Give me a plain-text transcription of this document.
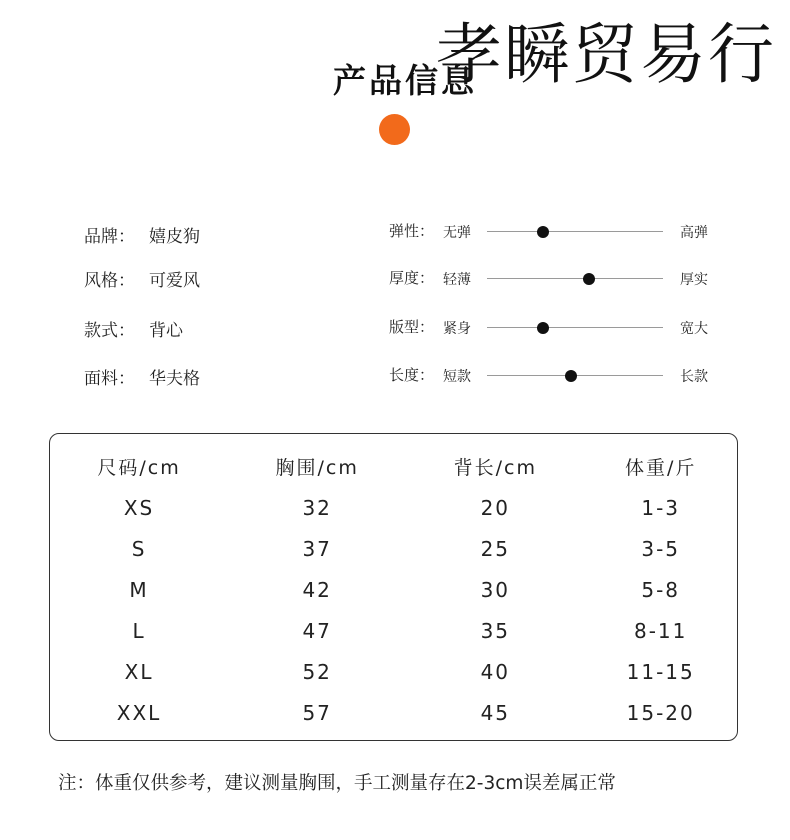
孝瞬贸易行
产品信息
品牌： 嬉皮狗
风格： 可爱风
款式： 背心
面料： 华夫格
弹性： 无弹	高弹
厚度： 轻薄	厚实
版型： 紧身	宽大
长度： 短款	长款
尺码/cm	胸围/cm	背长/cm	体重/斤
XS	32	20	1-3
S	37	25	3-5
M	42	30	5-8
L	47	35	8-11
XL	52	40	11-15
XXL	57	45	15-20
注：体重仅供参考，建议测量胸围，手工测量存在2-3cm误差属正常
